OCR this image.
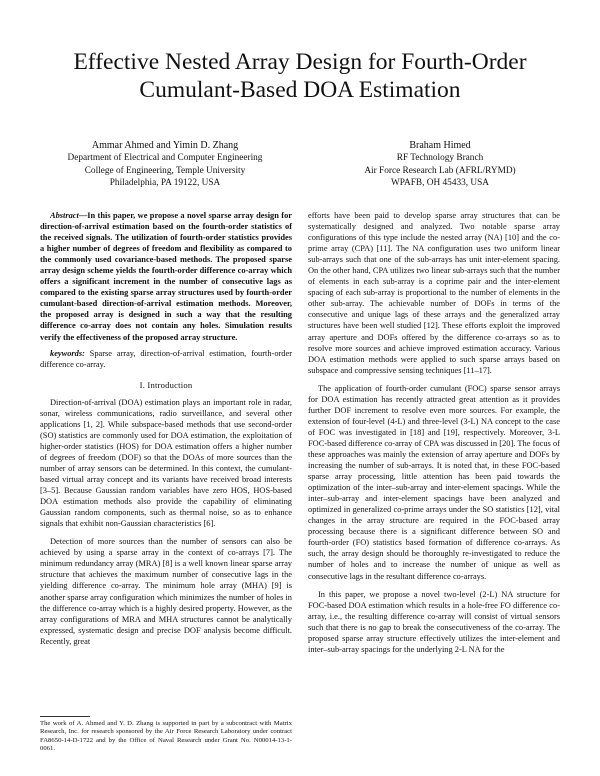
Effective Nested Array Design for Fourth-Order
Cumulant-Based DOA Estimation
Ammar Ahmed and Yimin D. Zhang
Department of Electrical and Computer Engineering
College of Engineering, Temple University
Philadelphia, PA 19122, USA
Braham Himed
RF Technology Branch
Air Force Research Lab (AFRL/RYMD)
WPAFB, OH 45433, USA

Abstract—In this paper, we propose a novel sparse array design for direction-of-arrival estimation based on the fourth-order statistics of the received signals. The utilization of fourth-order statistics provides a higher number of degrees of freedom and flexibility as compared to the commonly used covariance-based methods. The proposed sparse array design scheme yields the fourth-order difference co-array which offers a significant increment in the number of consecutive lags as compared to the existing sparse array structures used by fourth-order cumulant-based direction-of-arrival estimation methods. Moreover, the proposed array is designed in such a way that the resulting difference co-array does not contain any holes. Simulation results verify the effectiveness of the proposed array structure.

keywords: Sparse array, direction-of-arrival estimation, fourth-order difference co-array.

I. Introduction

Direction-of-arrival (DOA) estimation plays an important role in radar, sonar, wireless communications, radio surveillance, and several other applications [1, 2]. While subspace-based methods that use second-order (SO) statistics are commonly used for DOA estimation, the exploitation of higher-order statistics (HOS) for DOA estimation offers a higher number of degrees of freedom (DOF) so that the DOAs of more sources than the number of array sensors can be determined. In this context, the cumulant-based virtual array concept and its variants have received broad interests [3–5]. Because Gaussian random variables have zero HOS, HOS-based DOA estimation methods also provide the capability of eliminating Gaussian random components, such as thermal noise, so as to enhance signals that exhibit non-Gaussian characteristics [6].

Detection of more sources than the number of sensors can also be achieved by using a sparse array in the context of co-arrays [7]. The minimum redundancy array (MRA) [8] is a well known linear sparse array structure that achieves the maximum number of consecutive lags in the yielding difference co-array. The minimum hole array (MHA) [9] is another sparse array configuration which minimizes the number of holes in the difference co-array which is a highly desired property. However, as the array configurations of MRA and MHA structures cannot be analytically expressed, systematic design and precise DOF analysis become difficult. Recently, great

efforts have been paid to develop sparse array structures that can be systematically designed and analyzed. Two notable sparse array configurations of this type include the nested array (NA) [10] and the co-prime array (CPA) [11]. The NA configuration uses two uniform linear sub-arrays such that one of the sub-arrays has unit inter-element spacing. On the other hand, CPA utilizes two linear sub-arrays such that the number of elements in each sub-array is a coprime pair and the inter-element spacing of each sub-array is proportional to the number of elements in the other sub-array. The achievable number of DOFs in terms of the consecutive and unique lags of these arrays and the generalized array structures have been well studied [12]. These efforts exploit the improved array aperture and DOFs offered by the difference co-arrays so as to resolve more sources and achieve improved estimation accuracy. Various DOA estimation methods were applied to such sparse arrays based on subspace and compressive sensing techniques [11–17].

The application of fourth-order cumulant (FOC) sparse sensor arrays for DOA estimation has recently attracted great attention as it provides further DOF increment to resolve even more sources. For example, the extension of four-level (4-L) and three-level (3-L) NA concept to the case of FOC was investigated in [18] and [19], respectively. Moreover, 3-L FOC-based difference co-array of CPA was discussed in [20]. The focus of these approaches was mainly the extension of array aperture and DOFs by increasing the number of sub-arrays. It is noted that, in these FOC-based sparse array processing, little attention has been paid towards the optimization of the inter–sub-array and inter-element spacings. While the inter–sub-array and inter-element spacings have been analyzed and optimized in generalized co-prime arrays under the SO statistics [12], vital changes in the array structure are required in the FOC-based array processing because there is a significant difference between SO and fourth-order (FO) statistics based formation of difference co-arrays. As such, the array design should be thoroughly re-investigated to reduce the number of holes and to increase the number of unique as well as consecutive lags in the resultant difference co-arrays.

In this paper, we propose a novel two-level (2-L) NA structure for FOC-based DOA estimation which results in a hole-free FO difference co-array, i.e., the resulting difference co-array will consist of virtual sensors such that there is no gap to break the consecutiveness of the co-array. The proposed sparse array structure effectively utilizes the inter-element and inter–sub-array spacings for the underlying 2-L NA for the

The work of A. Ahmed and Y. D. Zhang is supported in part by a subcontract with Matrix Research, Inc. for research sponsored by the Air Force Research Laboratory under contract FA8650-14-D-1722 and by the Office of Naval Research under Grant No. N00014-13-1-0061.
